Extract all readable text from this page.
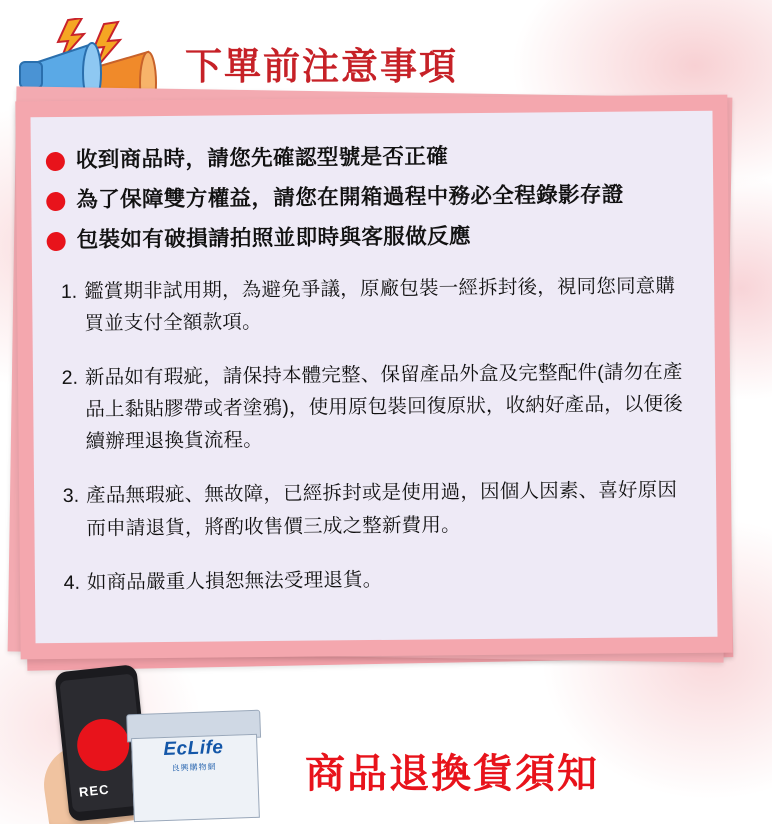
下單前注意事項
收到商品時，請您先確認型號是否正確
為了保障雙方權益，請您在開箱過程中務必全程錄影存證
包裝如有破損請拍照並即時與客服做反應
1. 鑑賞期非試用期，為避免爭議，原廠包裝一經拆封後，視同您同意購買並支付全額款項。
2. 新品如有瑕疵，請保持本體完整、保留產品外盒及完整配件(請勿在產品上黏貼膠帶或者塗鴉)，使用原包裝回復原狀，收納好產品，以便後續辦理退換貨流程。
3. 產品無瑕疵、無故障，已經拆封或是使用過，因個人因素、喜好原因而申請退貨，將酌收售價三成之整新費用。
4. 如商品嚴重人損恕無法受理退貨。
REC
EcLife
良興購物網	商品退換貨須知
